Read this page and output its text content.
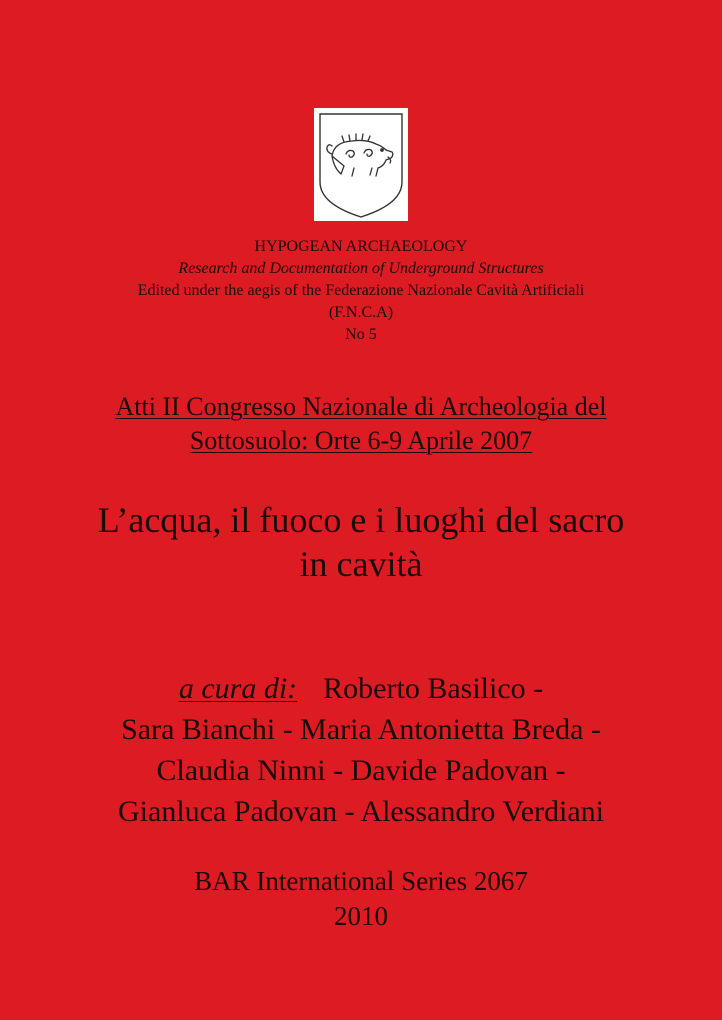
HYPOGEAN ARCHAEOLOGY
Research and Documentation of Underground Structures
Edited under the aegis of the Federazione Nazionale Cavità Artificiali
(F.N.C.A)
No 5
Atti II Congresso Nazionale di Archeologia del
Sottosuolo: Orte 6-9 Aprile 2007
L’acqua, il fuoco e i luoghi del sacro
in cavità
a cura di: Roberto Basilico -
Sara Bianchi - Maria Antonietta Breda -
Claudia Ninni - Davide Padovan -
Gianluca Padovan - Alessandro Verdiani
BAR International Series 2067
2010
